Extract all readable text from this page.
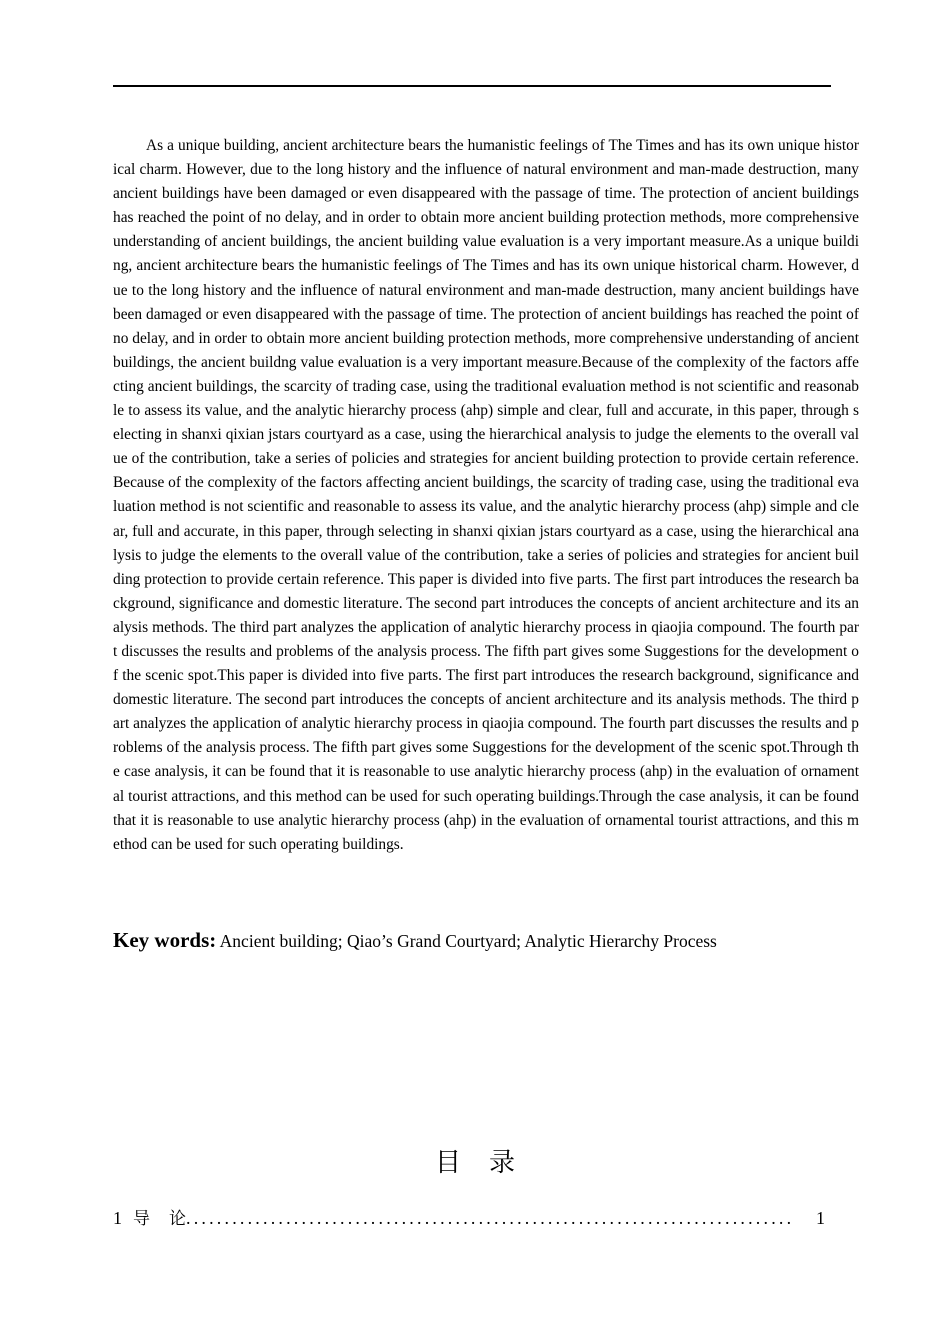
As a unique building, ancient architecture bears the humanistic feelings of The Times and has its own unique historical charm. However, due to the long history and the influence of natural environment and man-made destruction, many ancient buildings have been damaged or even disappeared with the passage of time. The protection of ancient buildings has reached the point of no delay, and in order to obtain more ancient building protection methods, more comprehensive understanding of ancient buildings, the ancient building value evaluation is a very important measure.As a unique building, ancient architecture bears the humanistic feelings of The Times and has its own unique historical charm. However, due to the long history and the influence of natural environment and man-made destruction, many ancient buildings have been damaged or even disappeared with the passage of time. The protection of ancient buildings has reached the point of no delay, and in order to obtain more ancient building protection methods, more comprehensive understanding of ancient buildings, the ancient buildng value evaluation is a very important measure.Because of the complexity of the factors affecting ancient buildings, the scarcity of trading case, using the traditional evaluation method is not scientific and reasonable to assess its value, and the analytic hierarchy process (ahp) simple and clear, full and accurate, in this paper, through selecting in shanxi qixian jstars courtyard as a case, using the hierarchical analysis to judge the elements to the overall value of the contribution, take a series of policies and strategies for ancient building protection to provide certain reference.Because of the complexity of the factors affecting ancient buildings, the scarcity of trading case, using the traditional evaluation method is not scientific and reasonable to assess its value, and the analytic hierarchy process (ahp) simple and clear, full and accurate, in this paper, through selecting in shanxi qixian jstars courtyard as a case, using the hierarchical analysis to judge the elements to the overall value of the contribution, take a series of policies and strategies for ancient building protection to provide certain reference. This paper is divided into five parts. The first part introduces the research background, significance and domestic literature. The second part introduces the concepts of ancient architecture and its analysis methods. The third part analyzes the application of analytic hierarchy process in qiaojia compound. The fourth part discusses the results and problems of the analysis process. The fifth part gives some Suggestions for the development of the scenic spot.This paper is divided into five parts. The first part introduces the research background, significance and domestic literature. The second part introduces the concepts of ancient architecture and its analysis methods. The third part analyzes the application of analytic hierarchy process in qiaojia compound. The fourth part discusses the results and problems of the analysis process. The fifth part gives some Suggestions for the development of the scenic spot.Through the case analysis, it can be found that it is reasonable to use analytic hierarchy process (ahp) in the evaluation of ornamental tourist attractions, and this method can be used for such operating buildings.Through the case analysis, it can be found that it is reasonable to use analytic hierarchy process (ahp) in the evaluation of ornamental tourist attractions, and this method can be used for such operating buildings.

Key words: Ancient building; Qiao’s Grand Courtyard; Analytic Hierarchy Process
目录
1 导论
...............................................................................	1
